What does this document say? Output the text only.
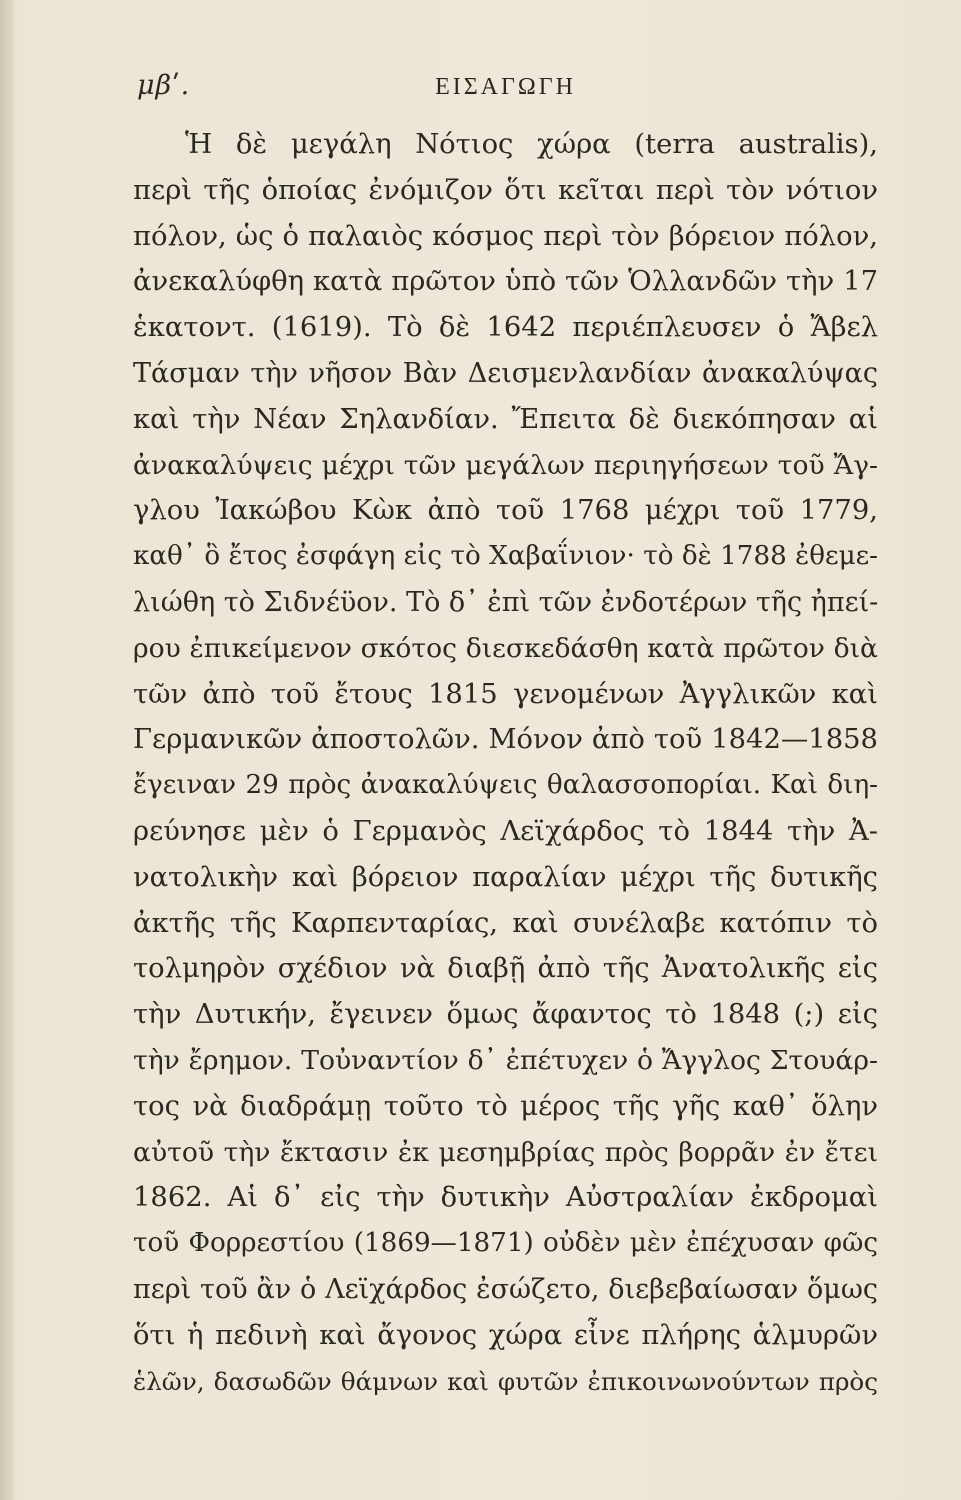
μβʹ.	ΕΙΣΑΓΩΓΗ
Ἡ δὲ μεγάλη Νότιος χώρα (terra australis),
περὶ τῆς ὁποίας ἐνόμιζον ὅτι κεῖται περὶ τὸν νότιον
πόλον, ὡς ὁ παλαιὸς κόσμος περὶ τὸν βόρειον πόλον,
ἀνεκαλύφθη κατὰ πρῶτον ὑπὸ τῶν Ὁλλανδῶν τὴν 17
ἑκατοντ. (1619). Τὸ δὲ 1642 περιέπλευσεν ὁ Ἄβελ
Τάσμαν τὴν νῆσον Βὰν Δεισμενλανδίαν ἀνακαλύψας
καὶ τὴν Νέαν Σηλανδίαν. Ἔπειτα δὲ διεκόπησαν αἱ
ἀνακαλύψεις μέχρι τῶν μεγάλων περιηγήσεων τοῦ Ἄγ-
γλου Ἰακώβου Κὼκ ἀπὸ τοῦ 1768 μέχρι τοῦ 1779,
καθ᾽ ὃ ἔτος ἐσφάγη εἰς τὸ Χαβαΐνιον· τὸ δὲ 1788 ἐθεμε-
λιώθη τὸ Σιδνέϋον. Τὸ δ᾽ ἐπὶ τῶν ἐνδοτέρων τῆς ἠπεί-
ρου ἐπικείμενον σκότος διεσκεδάσθη κατὰ πρῶτον διὰ
τῶν ἀπὸ τοῦ ἔτους 1815 γενομένων Ἀγγλικῶν καὶ
Γερμανικῶν ἀποστολῶν. Μόνον ἀπὸ τοῦ 1842—1858
ἔγειναν 29 πρὸς ἀνακαλύψεις θαλασσοπορίαι. Καὶ διη-
ρεύνησε μὲν ὁ Γερμανὸς Λεϊχάρδος τὸ 1844 τὴν Ἀ-
νατολικὴν καὶ βόρειον παραλίαν μέχρι τῆς δυτικῆς
ἀκτῆς τῆς Καρπενταρίας, καὶ συνέλαβε κατόπιν τὸ
τολμηρὸν σχέδιον νὰ διαβῇ ἀπὸ τῆς Ἀνατολικῆς εἰς
τὴν Δυτικήν, ἔγεινεν ὅμως ἄφαντος τὸ 1848 (;) εἰς
τὴν ἔρημον. Τοὐναντίον δ᾽ ἐπέτυχεν ὁ Ἄγγλος Στουάρ-
τος νὰ διαδράμῃ τοῦτο τὸ μέρος τῆς γῆς καθ᾽ ὅλην
αὐτοῦ τὴν ἔκτασιν ἐκ μεσημβρίας πρὸς βορρᾶν ἐν ἔτει
1862. Αἱ δ᾽ εἰς τὴν δυτικὴν Αὐστραλίαν ἐκδρομαὶ
τοῦ Φορρεστίου (1869—1871) οὐδὲν μὲν ἐπέχυσαν φῶς
περὶ τοῦ ἂν ὁ Λεϊχάρδος ἐσώζετο, διεβεβαίωσαν ὅμως
ὅτι ἡ πεδινὴ καὶ ἄγονος χώρα εἶνε πλήρης ἁλμυρῶν
ἑλῶν, δασωδῶν θάμνων καὶ φυτῶν ἐπικοινωνούντων πρὸς
